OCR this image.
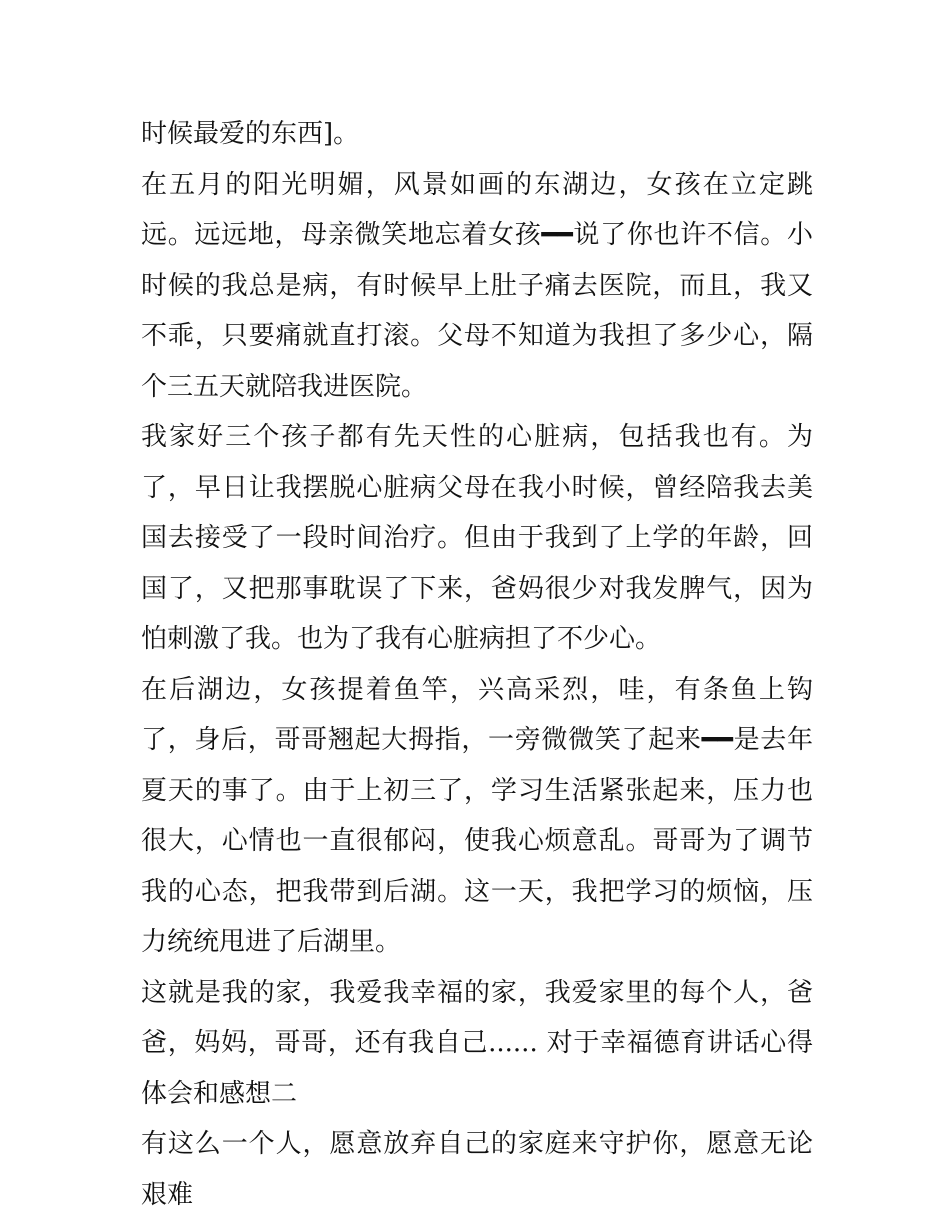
时候最爱的东西]。

在五月的阳光明媚，风景如画的东湖边，女孩在立定跳远。远远地，母亲微笑地忘着女孩━━说了你也许不信。小时候的我总是病，有时候早上肚子痛去医院，而且，我又不乖，只要痛就直打滚。父母不知道为我担了多少心，隔个三五天就陪我进医院。

我家好三个孩子都有先天性的心脏病，包括我也有。为了，早日让我摆脱心脏病父母在我小时候，曾经陪我去美国去接受了一段时间治疗。但由于我到了上学的年龄，回国了，又把那事耽误了下来，爸妈很少对我发脾气，因为怕刺激了我。也为了我有心脏病担了不少心。

在后湖边，女孩提着鱼竿，兴高采烈，哇，有条鱼上钩了，身后，哥哥翘起大拇指，一旁微微笑了起来━━是去年夏天的事了。由于上初三了，学习生活紧张起来，压力也很大，心情也一直很郁闷，使我心烦意乱。哥哥为了调节我的心态，把我带到后湖。这一天，我把学习的烦恼，压力统统甩进了后湖里。

这就是我的家，我爱我幸福的家，我爱家里的每个人，爸爸，妈妈，哥哥，还有我自己...... 对于幸福德育讲话心得体会和感想二

有这么一个人，愿意放弃自己的家庭来守护你，愿意无论艰难
